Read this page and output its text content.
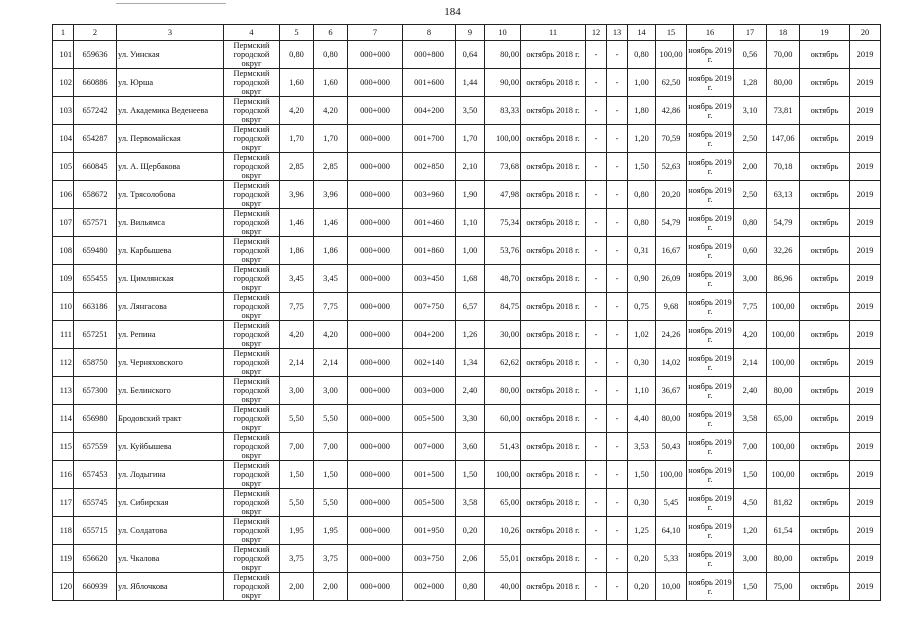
184
1	2	3	4	5	6	7	8	9	10	11	12	13	14	15	16	17	18	19	20
101	659636	ул. Уинская	Пермский городской округ	0,80	0,80	000+000	000+800	0,64	80,00	октябрь 2018 г.	-	-	0,80	100,00	ноябрь 2019 г.	0,56	70,00	октябрь	2019
102	660886	ул. Юрша	Пермский городской округ	1,60	1,60	000+000	001+600	1,44	90,00	октябрь 2018 г.	-	-	1,00	62,50	ноябрь 2019 г.	1,28	80,00	октябрь	2019
103	657242	ул. Академика Веденеева	Пермский городской округ	4,20	4,20	000+000	004+200	3,50	83,33	октябрь 2018 г.	-	-	1,80	42,86	ноябрь 2019 г.	3,10	73,81	октябрь	2019
104	654287	ул. Первомайская	Пермский городской округ	1,70	1,70	000+000	001+700	1,70	100,00	октябрь 2018 г.	-	-	1,20	70,59	ноябрь 2019 г.	2,50	147,06	октябрь	2019
105	660845	ул. А. Щербакова	Пермский городской округ	2,85	2,85	000+000	002+850	2,10	73,68	октябрь 2018 г.	-	-	1,50	52,63	ноябрь 2019 г.	2,00	70,18	октябрь	2019
106	658672	ул. Трясолобова	Пермский городской округ	3,96	3,96	000+000	003+960	1,90	47,98	октябрь 2018 г.	-	-	0,80	20,20	ноябрь 2019 г.	2,50	63,13	октябрь	2019
107	657571	ул. Вильямса	Пермский городской округ	1,46	1,46	000+000	001+460	1,10	75,34	октябрь 2018 г.	-	-	0,80	54,79	ноябрь 2019 г.	0,80	54,79	октябрь	2019
108	659480	ул. Карбышева	Пермский городской округ	1,86	1,86	000+000	001+860	1,00	53,76	октябрь 2018 г.	-	-	0,31	16,67	ноябрь 2019 г.	0,60	32,26	октябрь	2019
109	655455	ул. Цимлянская	Пермский городской округ	3,45	3,45	000+000	003+450	1,68	48,70	октябрь 2018 г.	-	-	0,90	26,09	ноябрь 2019 г.	3,00	86,96	октябрь	2019
110	663186	ул. Лянгасова	Пермский городской округ	7,75	7,75	000+000	007+750	6,57	84,75	октябрь 2018 г.	-	-	0,75	9,68	ноябрь 2019 г.	7,75	100,00	октябрь	2019
111	657251	ул. Репина	Пермский городской округ	4,20	4,20	000+000	004+200	1,26	30,00	октябрь 2018 г.	-	-	1,02	24,26	ноябрь 2019 г.	4,20	100,00	октябрь	2019
112	658750	ул. Черняховского	Пермский городской округ	2,14	2,14	000+000	002+140	1,34	62,62	октябрь 2018 г.	-	-	0,30	14,02	ноябрь 2019 г.	2,14	100,00	октябрь	2019
113	657300	ул. Белинского	Пермский городской округ	3,00	3,00	000+000	003+000	2,40	80,00	октябрь 2018 г.	-	-	1,10	36,67	ноябрь 2019 г.	2,40	80,00	октябрь	2019
114	656980	Бродовский тракт	Пермский городской округ	5,50	5,50	000+000	005+500	3,30	60,00	октябрь 2018 г.	-	-	4,40	80,00	ноябрь 2019 г.	3,58	65,00	октябрь	2019
115	657559	ул. Куйбышева	Пермский городской округ	7,00	7,00	000+000	007+000	3,60	51,43	октябрь 2018 г.	-	-	3,53	50,43	ноябрь 2019 г.	7,00	100,00	октябрь	2019
116	657453	ул. Лодыгина	Пермский городской округ	1,50	1,50	000+000	001+500	1,50	100,00	октябрь 2018 г.	-	-	1,50	100,00	ноябрь 2019 г.	1,50	100,00	октябрь	2019
117	655745	ул. Сибирская	Пермский городской округ	5,50	5,50	000+000	005+500	3,58	65,00	октябрь 2018 г.	-	-	0,30	5,45	ноябрь 2019 г.	4,50	81,82	октябрь	2019
118	655715	ул. Солдатова	Пермский городской округ	1,95	1,95	000+000	001+950	0,20	10,26	октябрь 2018 г.	-	-	1,25	64,10	ноябрь 2019 г.	1,20	61,54	октябрь	2019
119	656620	ул. Чкалова	Пермский городской округ	3,75	3,75	000+000	003+750	2,06	55,01	октябрь 2018 г.	-	-	0,20	5,33	ноябрь 2019 г.	3,00	80,00	октябрь	2019
120	660939	ул. Яблочкова	Пермский городской округ	2,00	2,00	000+000	002+000	0,80	40,00	октябрь 2018 г.	-	-	0,20	10,00	ноябрь 2019 г.	1,50	75,00	октябрь	2019
